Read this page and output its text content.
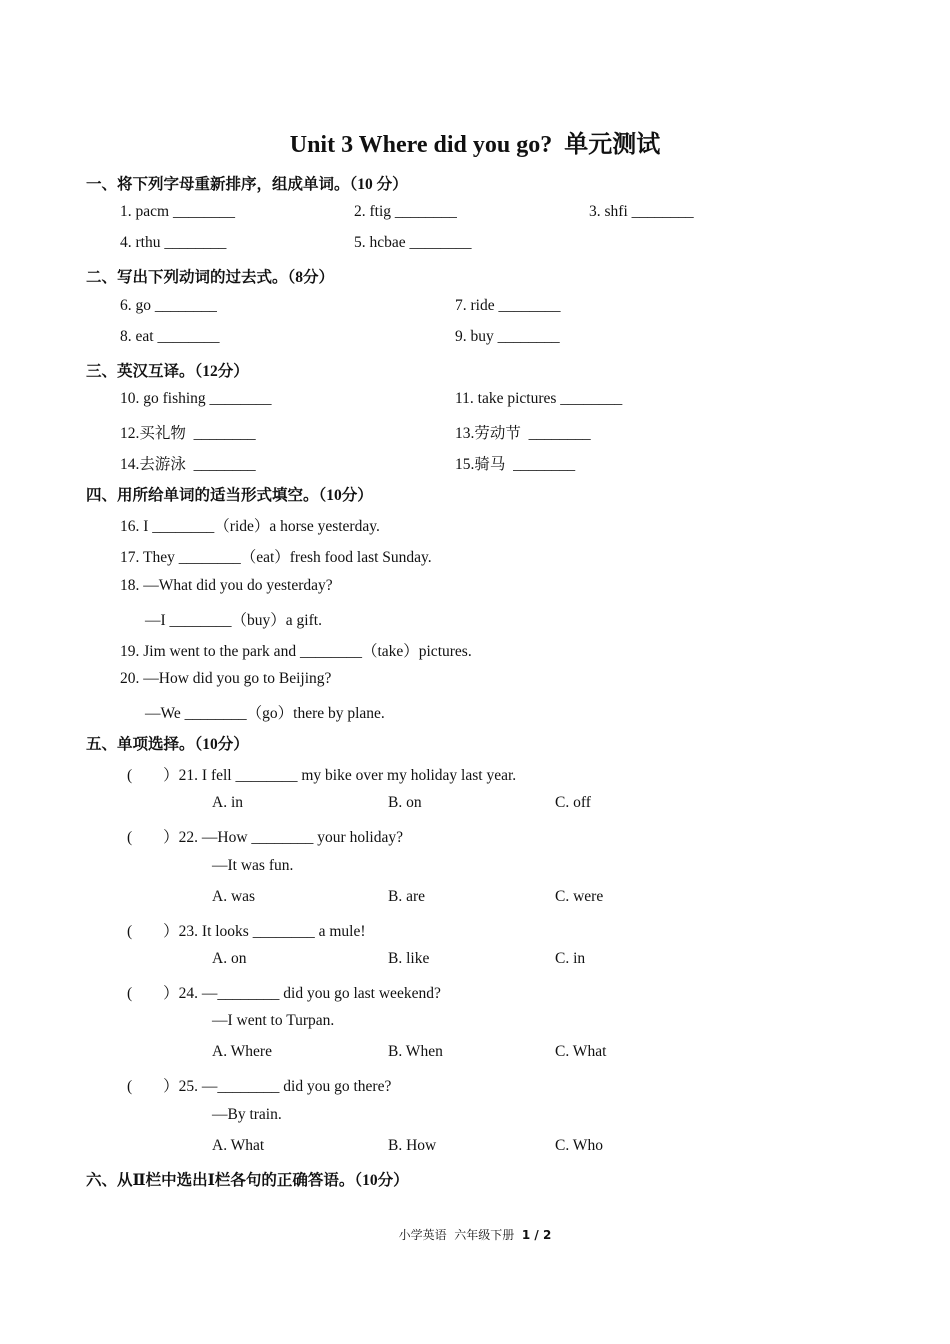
Unit 3 Where did you go?  单元测试
一、将下列字母重新排序，组成单词。（10 分）
1. pacm ________	2. ftig ________	3. shfi ________
4. rthu ________	5. hcbae ________
二、写出下列动词的过去式。（8分）
6. go ________	7. ride ________
8. eat ________	9. buy ________
三、英汉互译。（12分）
10. go fishing ________	11. take pictures ________
12.买礼物  ________	13.劳动节  ________
14.去游泳  ________	15.骑马  ________
四、用所给单词的适当形式填空。（10分）
16. I ________（ride）a horse yesterday.
17. They ________（eat）fresh food last Sunday.
18. —What did you do yesterday?
—I ________（buy）a gift.
19. Jim went to the park and ________（take）pictures.
20. —How did you go to Beijing?
—We ________（go）there by plane.
五、单项选择。（10分）
(        ）21. I fell ________ my bike over my holiday last year.
A. in	B. on	C. off
(        ）22. —How ________ your holiday?
—It was fun.
A. was	B. are	C. were
(        ）23. It looks ________ a mule!
A. on	B. like	C. in
(        ）24. —________ did you go last weekend?
—I went to Turpan.
A. Where	B. When	C. What
(        ）25. —________ did you go there?
—By train.
A. What	B. How	C. Who
六、从Ⅱ栏中选出Ⅰ栏各句的正确答语。（10分）
小学英语  六年级下册  1 / 2
